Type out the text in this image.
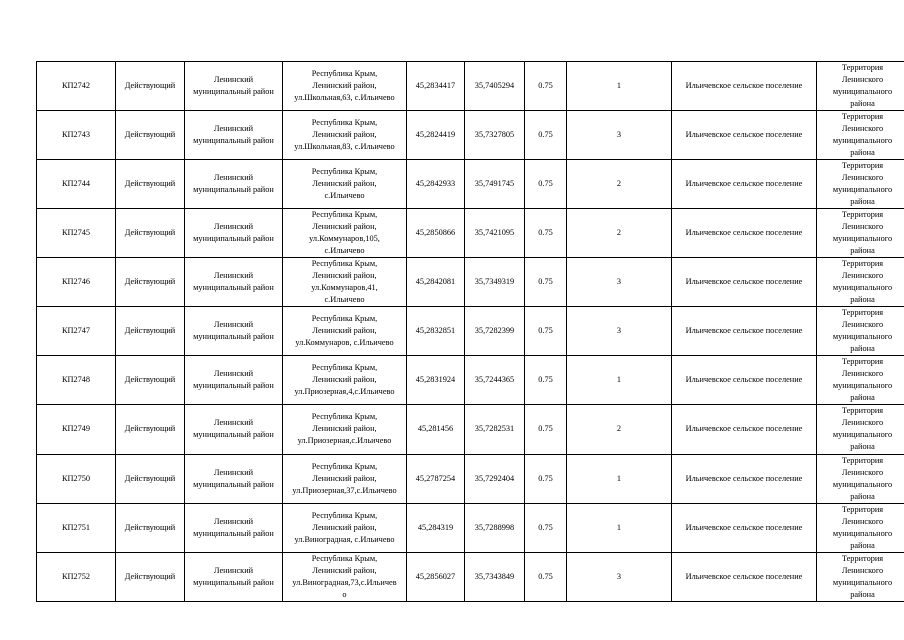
КП2742	Действующий	Ленинский
муниципальный район	Республика Крым,
Ленинский район,
ул.Школьная,63, с.Ильичево	45,2834417	35,7405294	0.75	1	Ильичевское сельское поселение	Территория
Ленинского
муниципального
района
КП2743	Действующий	Ленинский
муниципальный район	Республика Крым,
Ленинский район,
ул.Школьная,83, с.Ильичево	45,2824419	35,7327805	0.75	3	Ильичевское сельское поселение	Территория
Ленинского
муниципального
района
КП2744	Действующий	Ленинский
муниципальный район	Республика Крым,
Ленинский район,
с.Ильичево	45,2842933	35,7491745	0.75	2	Ильичевское сельское поселение	Территория
Ленинского
муниципального
района
КП2745	Действующий	Ленинский
муниципальный район	Республика Крым,
Ленинский район,
ул.Коммунаров,105,
с.Ильичево	45,2850866	35,7421095	0.75	2	Ильичевское сельское поселение	Территория
Ленинского
муниципального
района
КП2746	Действующий	Ленинский
муниципальный район	Республика Крым,
Ленинский район,
ул.Коммунаров,41,
с.Ильичево	45,2842081	35,7349319	0.75	3	Ильичевское сельское поселение	Территория
Ленинского
муниципального
района
КП2747	Действующий	Ленинский
муниципальный район	Республика Крым,
Ленинский район,
ул.Коммунаров, с.Ильичево	45,2832851	35,7282399	0.75	3	Ильичевское сельское поселение	Территория
Ленинского
муниципального
района
КП2748	Действующий	Ленинский
муниципальный район	Республика Крым,
Ленинский район,
ул.Приозерная,4,с.Ильичево	45,2831924	35,7244365	0.75	1	Ильичевское сельское поселение	Территория
Ленинского
муниципального
района
КП2749	Действующий	Ленинский
муниципальный район	Республика Крым,
Ленинский район,
ул.Приозерная,с.Ильичево	45,281456	35,7282531	0.75	2	Ильичевское сельское поселение	Территория
Ленинского
муниципального
района
КП2750	Действующий	Ленинский
муниципальный район	Республика Крым,
Ленинский район,
ул.Приозерная,37,с.Ильичево	45,2787254	35,7292404	0.75	1	Ильичевское сельское поселение	Территория
Ленинского
муниципального
района
КП2751	Действующий	Ленинский
муниципальный район	Республика Крым,
Ленинский район,
ул.Виноградная, с.Ильичево	45,284319	35,7288998	0.75	1	Ильичевское сельское поселение	Территория
Ленинского
муниципального
района
КП2752	Действующий	Ленинский
муниципальный район	Республика Крым,
Ленинский район,
ул.Виноградная,73,с.Ильичев
о	45,2856027	35,7343849	0.75	3	Ильичевское сельское поселение	Территория
Ленинского
муниципального
района
